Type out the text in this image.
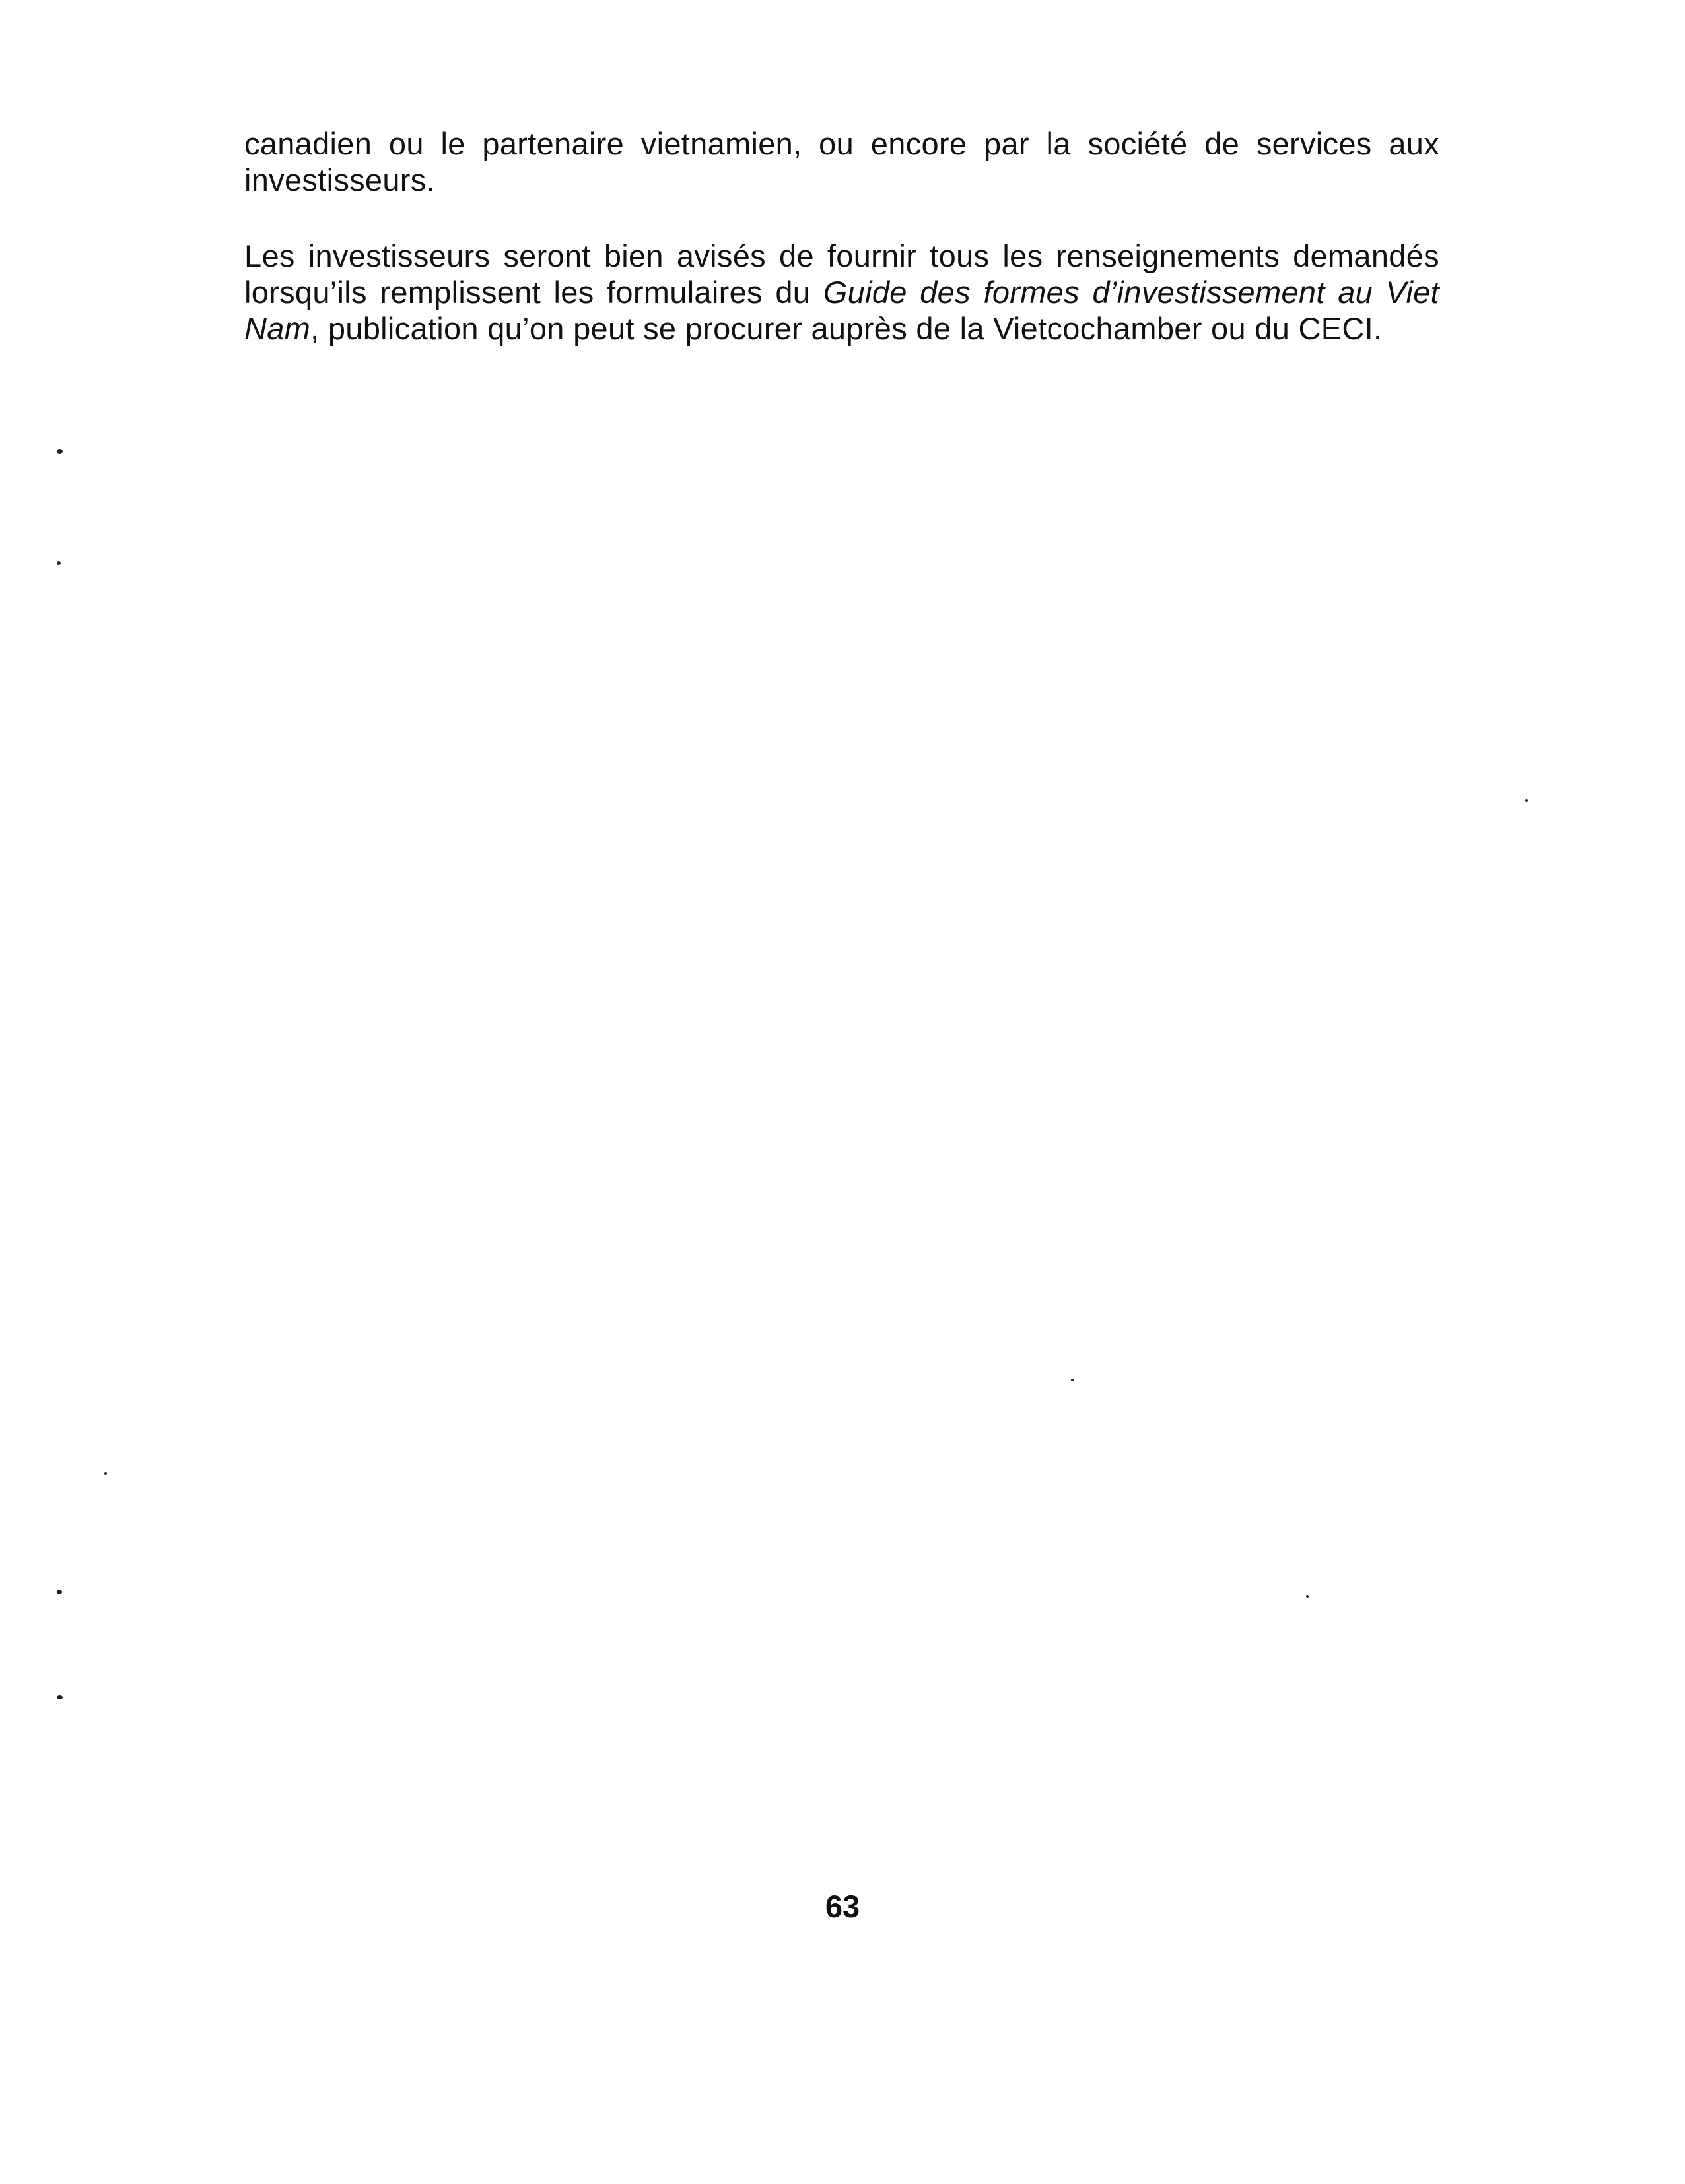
canadien ou le partenaire vietnamien, ou encore par la société de services aux investisseurs.

Les investisseurs seront bien avisés de fournir tous les renseignements demandés lorsqu’ils remplissent les formulaires du Guide des formes d’investissement au Viet Nam, publication qu’on peut se procurer auprès de la Vietcochamber ou du CECI.

63
